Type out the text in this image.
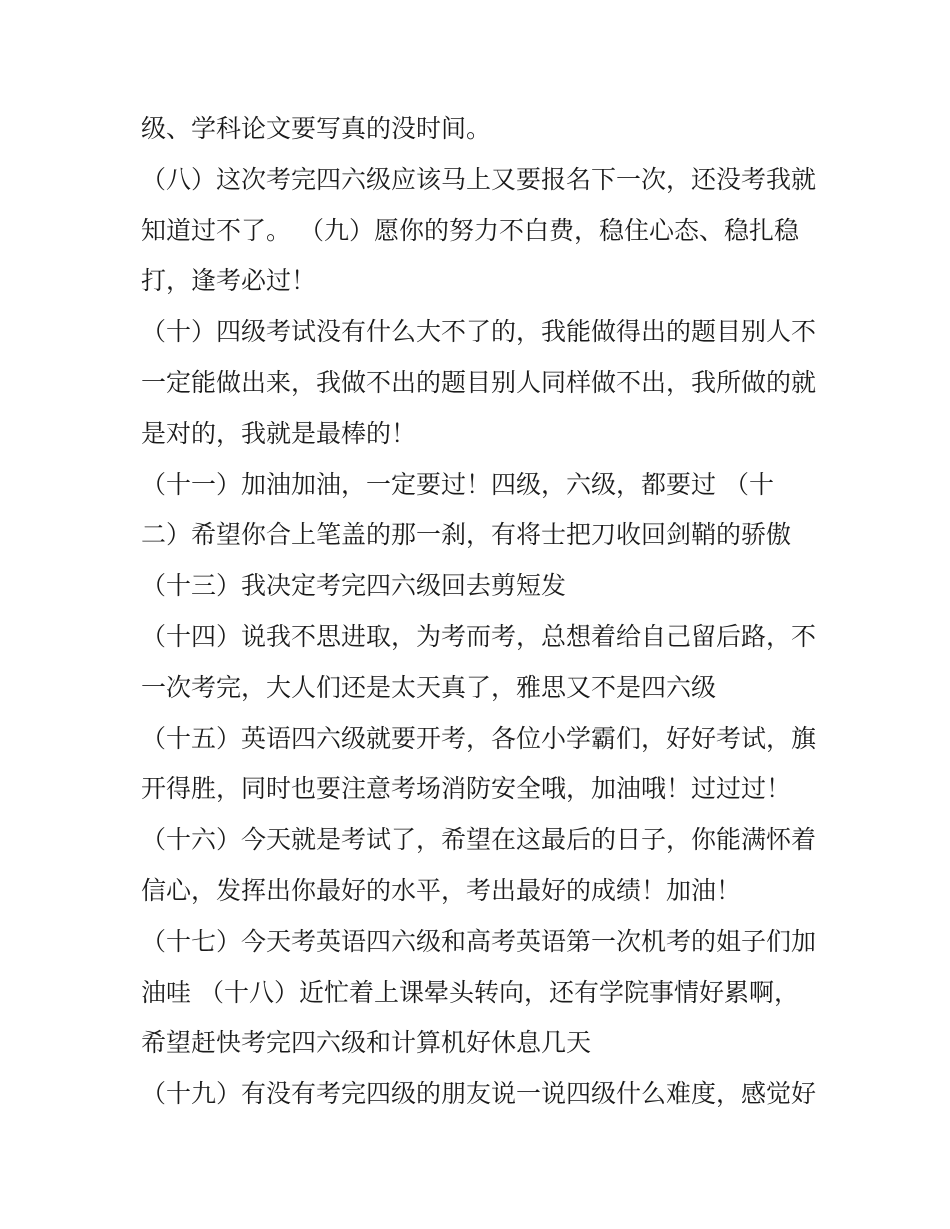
级、学科论文要写真的没时间。
（八）这次考完四六级应该马上又要报名下一次，还没考我就
知道过不了。 （九）愿你的努力不白费，稳住心态、稳扎稳
打，逢考必过！
（十）四级考试没有什么大不了的，我能做得出的题目别人不
一定能做出来，我做不出的题目别人同样做不出，我所做的就
是对的，我就是最棒的！
（十一）加油加油，一定要过！四级，六级，都要过 （十
二）希望你合上笔盖的那一刹，有将士把刀收回剑鞘的骄傲
（十三）我决定考完四六级回去剪短发
（十四）说我不思进取，为考而考，总想着给自己留后路，不
一次考完，大人们还是太天真了，雅思又不是四六级
（十五）英语四六级就要开考，各位小学霸们，好好考试，旗
开得胜，同时也要注意考场消防安全哦，加油哦！过过过！
（十六）今天就是考试了，希望在这最后的日子，你能满怀着
信心，发挥出你最好的水平，考出最好的成绩！加油！
（十七）今天考英语四六级和高考英语第一次机考的姐子们加
油哇 （十八）近忙着上课晕头转向，还有学院事情好累啊，
希望赶快考完四六级和计算机好休息几天
（十九）有没有考完四级的朋友说一说四级什么难度，感觉好
